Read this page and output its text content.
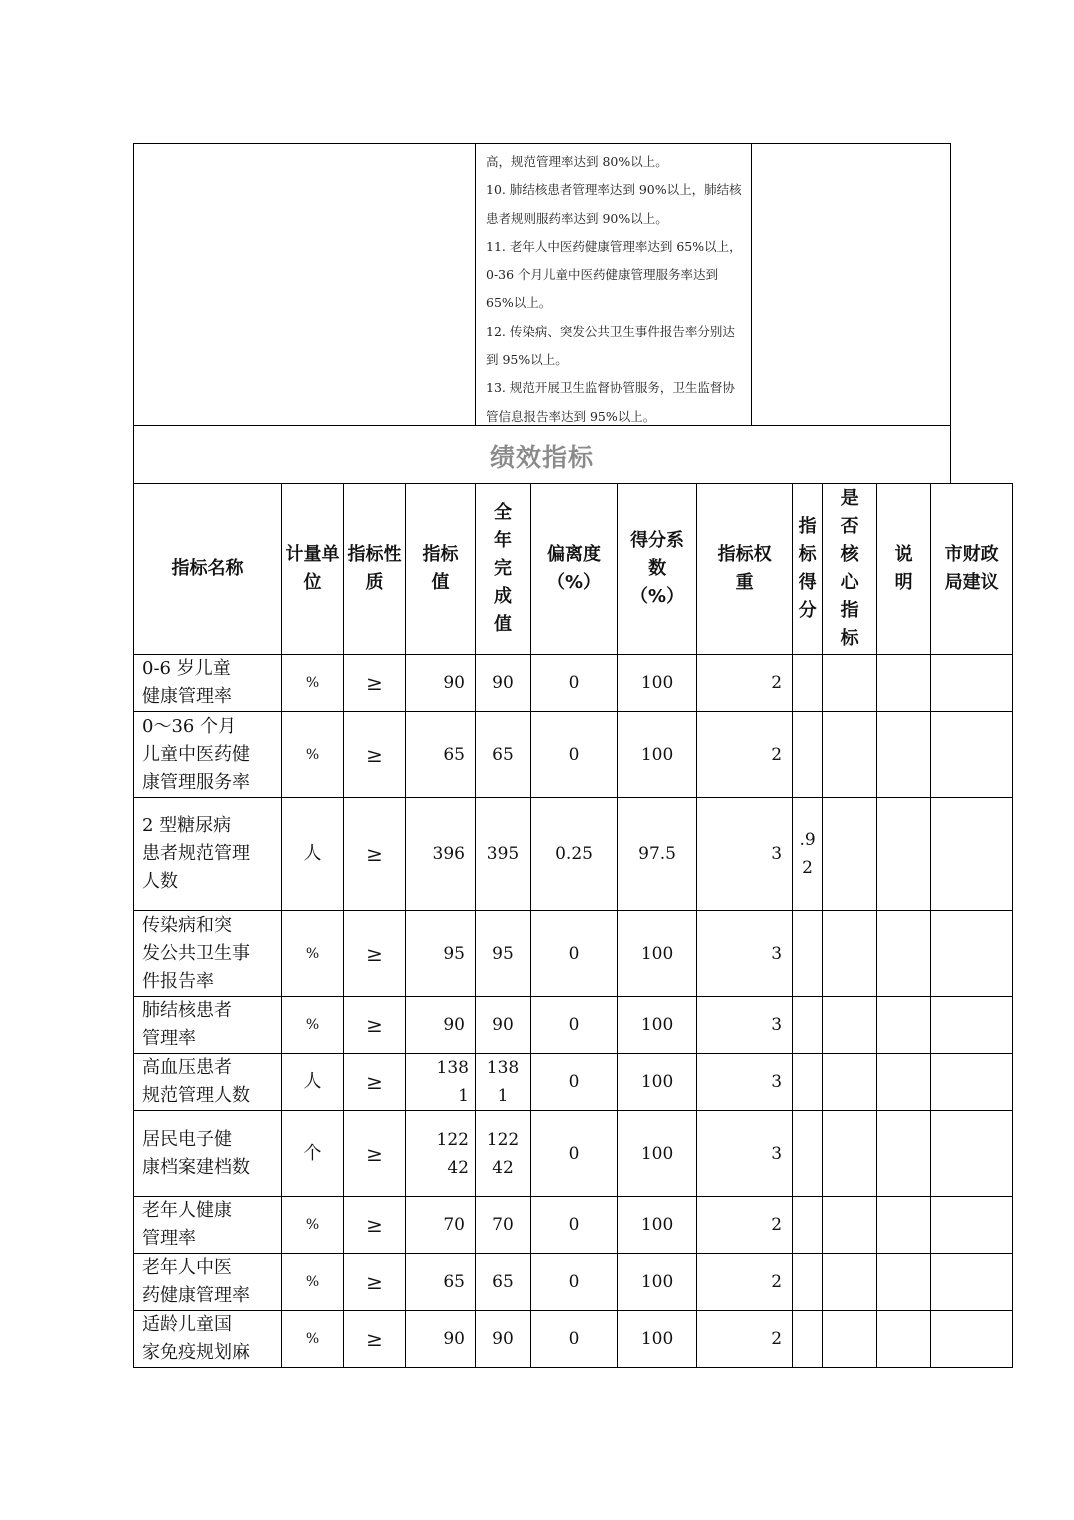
高，规范管理率达到 80%以上。

10. 肺结核患者管理率达到 90%以上，肺结核患者规则服药率达到 90%以上。

11. 老年人中医药健康管理率达到 65%以上，0-36 个月儿童中医药健康管理服务率达到 65%以上。

12. 传染病、突发公共卫生事件报告率分别达到 95%以上。

13. 规范开展卫生监督协管服务，卫生监督协管信息报告率达到 95%以上。

绩效指标
指标名称	计量单位	指标性质	指标值	全年完成值	偏离度（%）	得分系数（%）	指标权重	指标得分	是否核心指标	说明	市财政局建议

0-6 岁儿童
健康管理率	%	≥	90	90	0	100	2				

0～36 个月
儿童中医药健
康管理服务率	%	≥	65	65	0	100	2				

2 型糖尿病
患者规范管理
人数	人	≥	396	395	0.25	97.5	3	.92			

传染病和突
发公共卫生事
件报告率	%	≥	95	95	0	100	3				

肺结核患者
管理率	%	≥	90	90	0	100	3				

高血压患者
规范管理人数	人	≥	1381	1381	0	100	3				

居民电子健
康档案建档数	个	≥	12242	12242	0	100	3				

老年人健康
管理率	%	≥	70	70	0	100	2				

老年人中医
药健康管理率	%	≥	65	65	0	100	2				

适龄儿童国
家免疫规划麻	%	≥	90	90	0	100	2				
